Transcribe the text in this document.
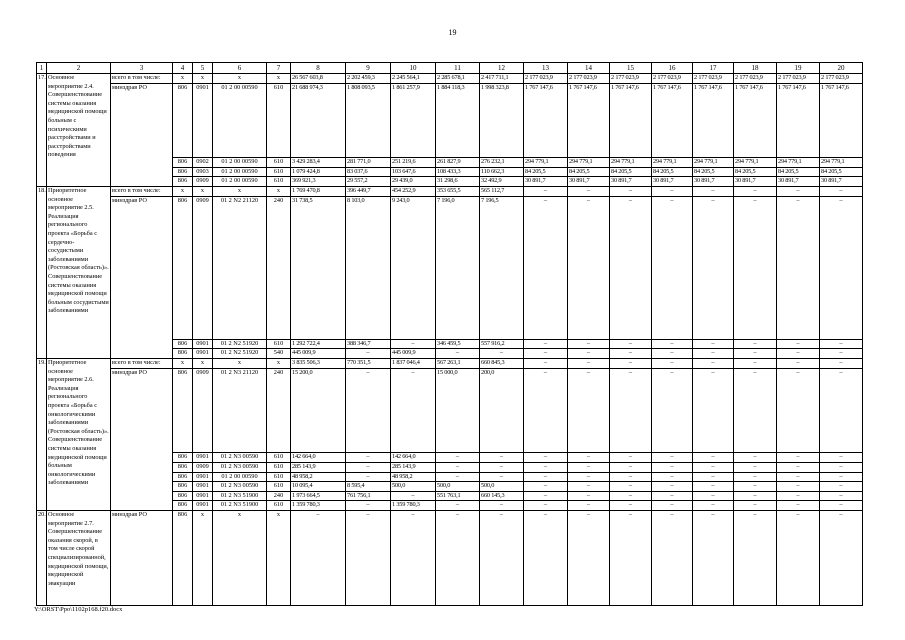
19
1	2	3	4	5	6	7	8	9	10	11	12	13	14	15	16	17	18	19	20
17.	Основное мероприятие 2.4. Совершенствование системы оказания медицинской помощи больным с психическими расстройствами и расстройствами поведения	всего в том числе:	x	x	x	x	26 567 603,8	2 202 459,3	2 245 564,1	2 285 678,1	2 417 711,1	2 177 023,9	2 177 023,9	2 177 023,9	2 177 023,9	2 177 023,9	2 177 023,9	2 177 023,9	2 177 023,9
		минздрав РО	806	0901	01 2 00 00590	610	21 688 974,3	1 808 093,5	1 861 257,9	1 884 118,3	1 998 323,8	1 767 147,6	1 767 147,6	1 767 147,6	1 767 147,6	1 767 147,6	1 767 147,6	1 767 147,6	1 767 147,6
			806	0902	01 2 00 00590	610	3 429 283,4	281 771,0	251 219,6	261 827,9	276 232,1	294 779,1	294 779,1	294 779,1	294 779,1	294 779,1	294 779,1	294 779,1	294 779,1
			806	0903	01 2 00 00590	610	1 079 424,8	83 037,6	103 647,6	108 433,3	110 662,3	84 205,5	84 205,5	84 205,5	84 205,5	84 205,5	84 205,5	84 205,5	84 205,5
			806	0909	01 2 00 00590	610	369 921,3	29 557,2	29 439,0	31 298,6	32 492,9	30 891,7	30 891,7	30 891,7	30 891,7	30 891,7	30 891,7	30 891,7	30 891,7
18.	Приоритетное основное мероприятие 2.5. Реализация регионального проекта «Борьба с сердечно-сосудистыми заболеваниями (Ростовская область)». Совершенствование системы оказания медицинской помощи больным сосудистыми заболеваниями	всего в том числе:	x	x	x	x	1 769 470,8	396 449,7	454 252,9	353 655,5	565 112,7	–	–	–	–	–	–	–	–
		минздрав РО	806	0909	01 2 N2 21120	240	31 738,5	8 103,0	9 243,0	7 196,0	7 196,5	–	–	–	–	–	–	–	–
			806	0901	01 2 N2 51920	610	1 292 722,4	388 346,7	–	346 459,5	557 916,2	–	–	–	–	–	–	–	–
			806	0901	01 2 N2 51920	540	445 009,9	–	445 009,9	–	–	–	–	–	–	–	–	–	–
19.	Приоритетное основное мероприятие 2.6. Реализация регионального проекта «Борьба с онкологическими заболеваниями (Ростовская область)». Совершенствование системы оказания медицинской помощи больным онкологическими заболеваниями	всего в том числе:	x	x	x	x	3 835 506,3	770 351,5	1 837 046,4	567 263,1	660 845,3	–	–	–	–	–	–	–	–
		минздрав РО	806	0909	01 2 N3 21120	240	15 200,0	–	–	15 000,0	200,0	–	–	–	–	–	–	–	–
			806	0901	01 2 N3 00590	610	142 664,0	–	142 664,0	–	–	–	–	–	–	–	–	–	–
			806	0909	01 2 N3 00590	610	285 143,9	–	285 143,9	–	–	–	–	–	–	–	–	–	–
			806	0901	01 2 00 00590	610	48 958,2	–	48 958,2	–	–	–	–	–	–	–	–	–	–
			806	0901	01 2 N3 00590	610	10 095,4	8 595,4	500,0	500,0	500,0	–	–	–	–	–	–	–	–
			806	0901	01 2 N3 51900	240	1 973 664,5	761 756,1	–	551 763,1	660 145,3	–	–	–	–	–	–	–	–
			806	0901	01 2 N3 51900	610	1 359 780,3	–	1 359 780,3	–	–	–	–	–	–	–	–	–	–
20.	Основное мероприятие 2.7. Совершенствование оказания скорой, в том числе скорой специализированной, медицинской помощи, медицинской эвакуации	минздрав РО	806	x	x	x	–	–	–	–	–	–	–	–	–	–	–	–	–
Y:\ORST\Ppo\1102p168.f20.docx
